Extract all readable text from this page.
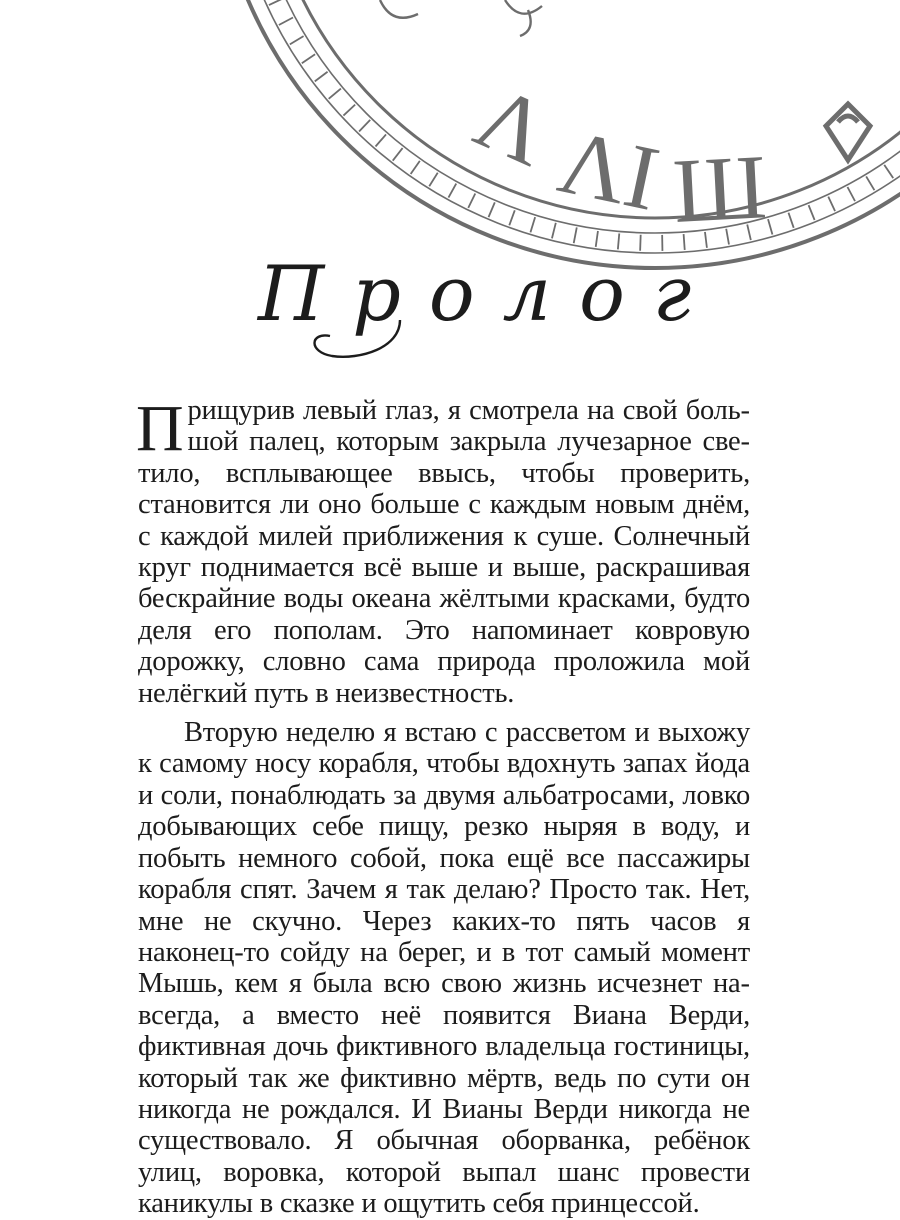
Λ
ΛΙ Ш
Пролог

П рищурив левый глаз, я смотрела на свой большой палец, которым закрыла лучезарное светило, всплывающее ввысь, чтобы проверить, становится ли оно больше с каждым новым днём, с каждой милей приближения к суше. Солнечный круг поднимается всё выше и выше, раскрашивая бескрайние воды океана жёлтыми красками, будто деля его пополам. Это напоминает ковровую дорожку, словно сама природа проложила мой нелёгкий путь в неизвестность.

Вторую неделю я встаю с рассветом и выхожу к самому носу корабля, чтобы вдохнуть запах йода и соли, понаблюдать за двумя альбатросами, ловко добывающих себе пищу, резко ныряя в воду, и побыть немного собой, пока ещё все пассажиры корабля спят. Зачем я так делаю? Просто так. Нет, мне не скучно. Через каких-то пять часов я наконец-то сойду на берег, и в тот самый момент Мышь, кем я была всю свою жизнь исчезнет навсегда, а вместо неё появится Виана Верди, фиктивная дочь фиктивного владельца гостиницы, который так же фиктивно мёртв, ведь по сути он никогда не рождался. И Вианы Верди никогда не существовало. Я обычная оборванка, ребёнок улиц, воровка, которой выпал шанс провести каникулы в сказке и ощутить себя принцессой.
